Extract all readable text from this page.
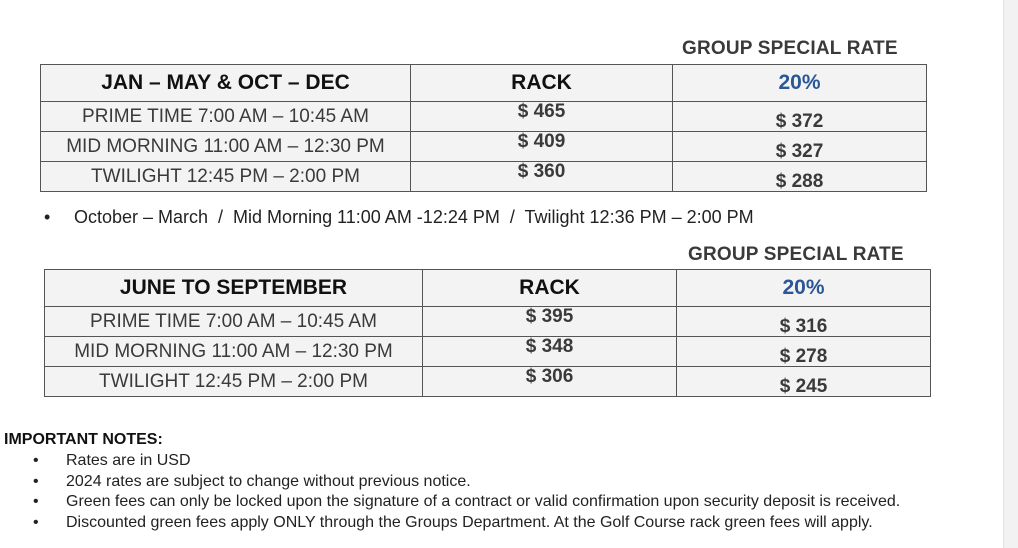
GROUP SPECIAL RATE
JAN – MAY & OCT – DEC	RACK	20%
PRIME TIME 7:00 AM – 10:45 AM	$ 465	$ 372
MID MORNING 11:00 AM – 12:30 PM	$ 409	$ 327
TWILIGHT 12:45 PM – 2:00 PM	$ 360	$ 288
• October – March  /  Mid Morning 11:00 AM -12:24 PM  /  Twilight 12:36 PM – 2:00 PM
GROUP SPECIAL RATE
JUNE TO SEPTEMBER	RACK	20%
PRIME TIME 7:00 AM – 10:45 AM	$ 395	$ 316
MID MORNING 11:00 AM – 12:30 PM	$ 348	$ 278
TWILIGHT 12:45 PM – 2:00 PM	$ 306	$ 245
IMPORTANT NOTES:
• Rates are in USD
• 2024 rates are subject to change without previous notice.
• Green fees can only be locked upon the signature of a contract or valid confirmation upon security deposit is received.
• Discounted green fees apply ONLY through the Groups Department. At the Golf Course rack green fees will apply.
